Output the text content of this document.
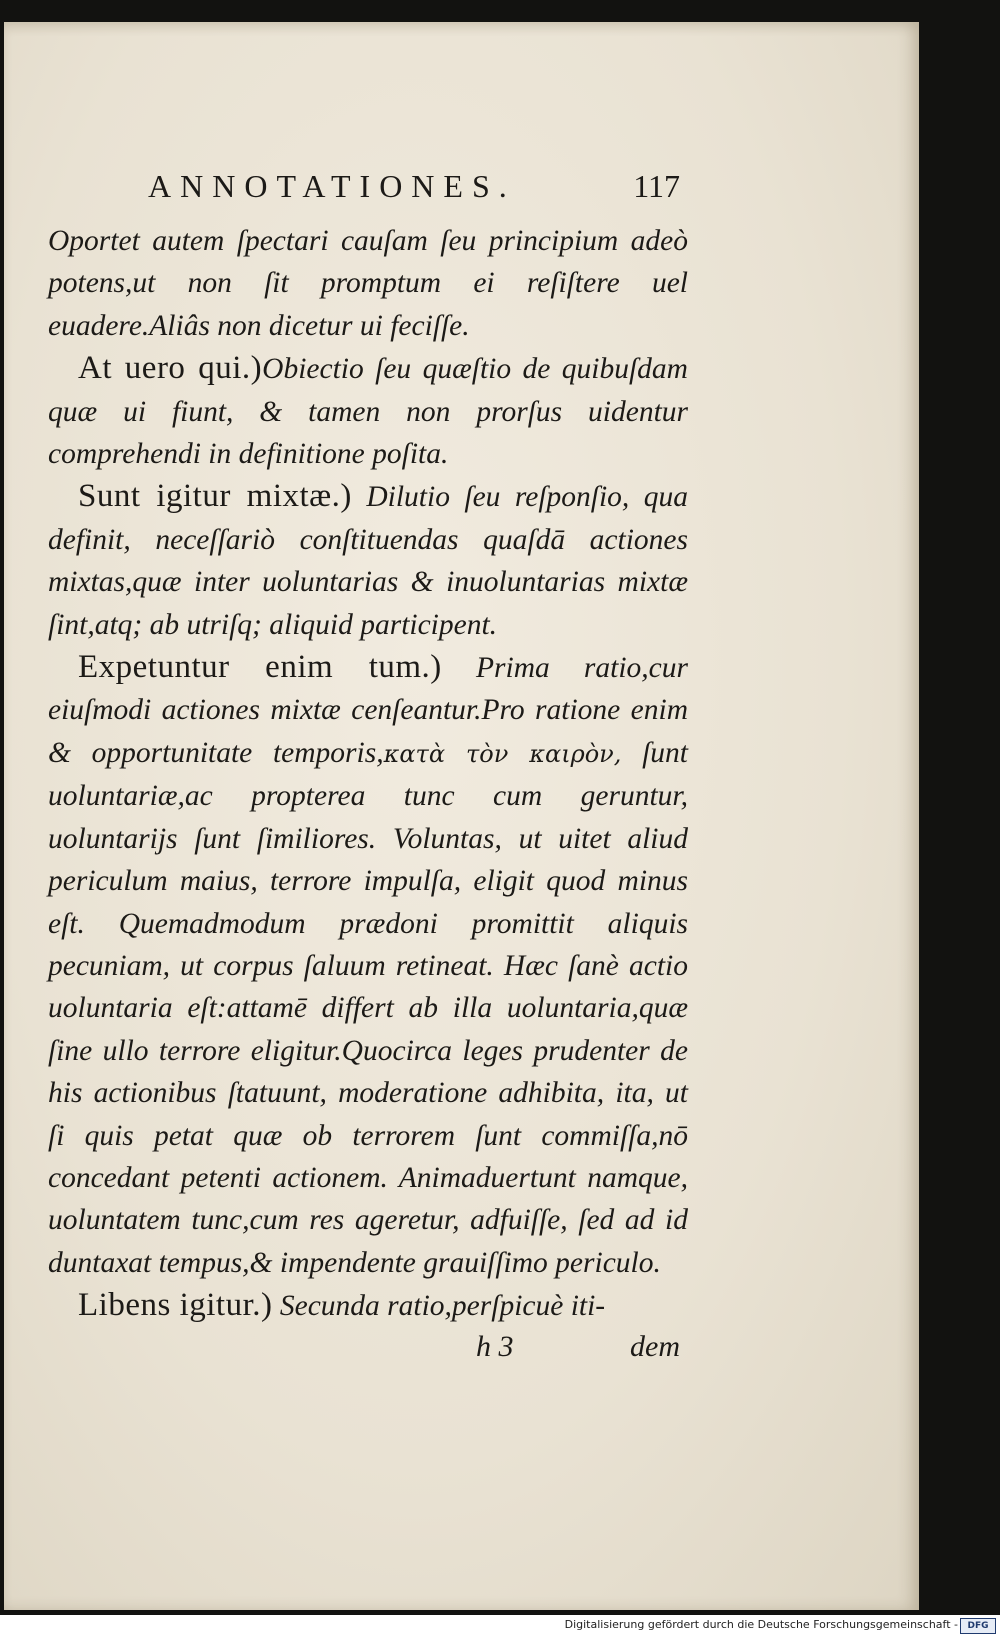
ANNOTATIONES.	117

Oportet autem ſpectari cauſam ſeu principium adeò potens,ut non ſit promptum ei reſiſtere uel euadere.Aliâs non dicetur ui feciſſe.

At uero qui.)Obiectio ſeu quæſtio de quibuſdam quæ ui fiunt, & tamen non prorſus uidentur comprehendi in definitione poſita.

Sunt igitur mixtæ.) Dilutio ſeu reſponſio, qua definit, neceſſariò conſtituendas quaſdā actiones mixtas,quæ inter uoluntarias & inuoluntarias mixtæ ſint,atq; ab utriſq; aliquid participent.

Expetuntur enim tum.) Prima ratio,cur eiuſmodi actiones mixtæ cenſeantur.Pro ratione enim & opportunitate temporis,κατὰ τὸν καιρὸν, ſunt uoluntariæ,ac propterea tunc cum geruntur, uoluntarijs ſunt ſimiliores. Voluntas, ut uitet aliud periculum maius, terrore impulſa, eligit quod minus eſt. Quemadmodum prædoni promittit aliquis pecuniam, ut corpus ſaluum retineat. Hæc ſanè actio uoluntaria eſt:attamē differt ab illa uoluntaria,quæ ſine ullo terrore eligitur.Quocirca leges prudenter de his actionibus ſtatuunt, moderatione adhibita, ita, ut ſi quis petat quæ ob terrorem ſunt commiſſa,nō concedant petenti actionem. Animaduertunt namque, uoluntatem tunc,cum res ageretur, adfuiſſe, ſed ad id duntaxat tempus,& impendente grauiſſimo periculo.

Libens igitur.) Secunda ratio,perſpicuè iti-

h 3	dem
Digitalisierung gefördert durch die Deutsche Forschungsgemeinschaft -	DFG
